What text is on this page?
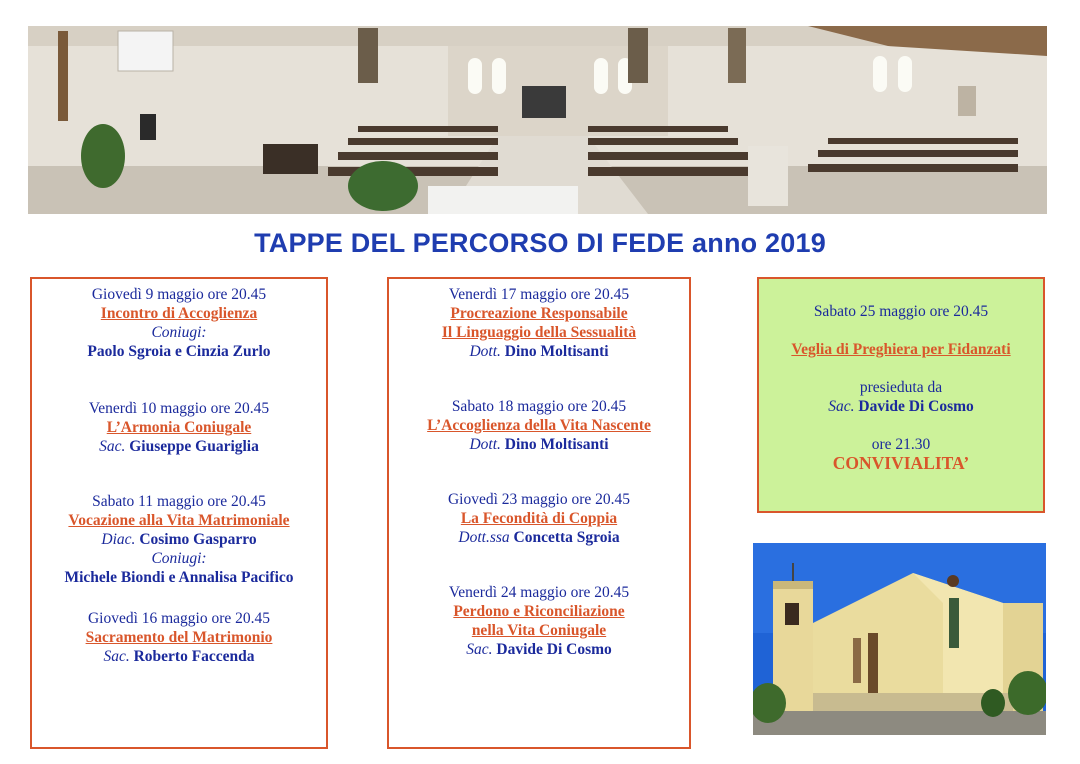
TAPPE DEL PERCORSO DI FEDE anno 2019
Giovedì 9 maggio ore 20.45
Incontro di Accoglienza
Coniugi:
Paolo Sgroia e Cinzia Zurlo
Venerdì 10 maggio ore 20.45
L’Armonia Coniugale
Sac. Giuseppe Guariglia
Sabato 11 maggio ore 20.45
Vocazione alla Vita Matrimoniale
Diac. Cosimo Gasparro
Coniugi:
Michele Biondi e Annalisa Pacifico
Giovedì 16 maggio ore 20.45
Sacramento del Matrimonio
Sac. Roberto Faccenda
Venerdì 17 maggio ore 20.45
Procreazione Responsabile
Il Linguaggio della Sessualità
Dott. Dino Moltisanti
Sabato 18 maggio ore 20.45
L’Accoglienza della Vita Nascente
Dott. Dino Moltisanti
Giovedì 23 maggio ore 20.45
La Fecondità di Coppia
Dott.ssa Concetta Sgroia
Venerdì 24 maggio ore 20.45
Perdono e Riconciliazione
nella Vita Coniugale
Sac. Davide Di Cosmo
Sabato 25 maggio ore 20.45
Veglia di Preghiera per Fidanzati
presieduta da
Sac. Davide Di Cosmo
ore 21.30
CONVIVIALITA’
